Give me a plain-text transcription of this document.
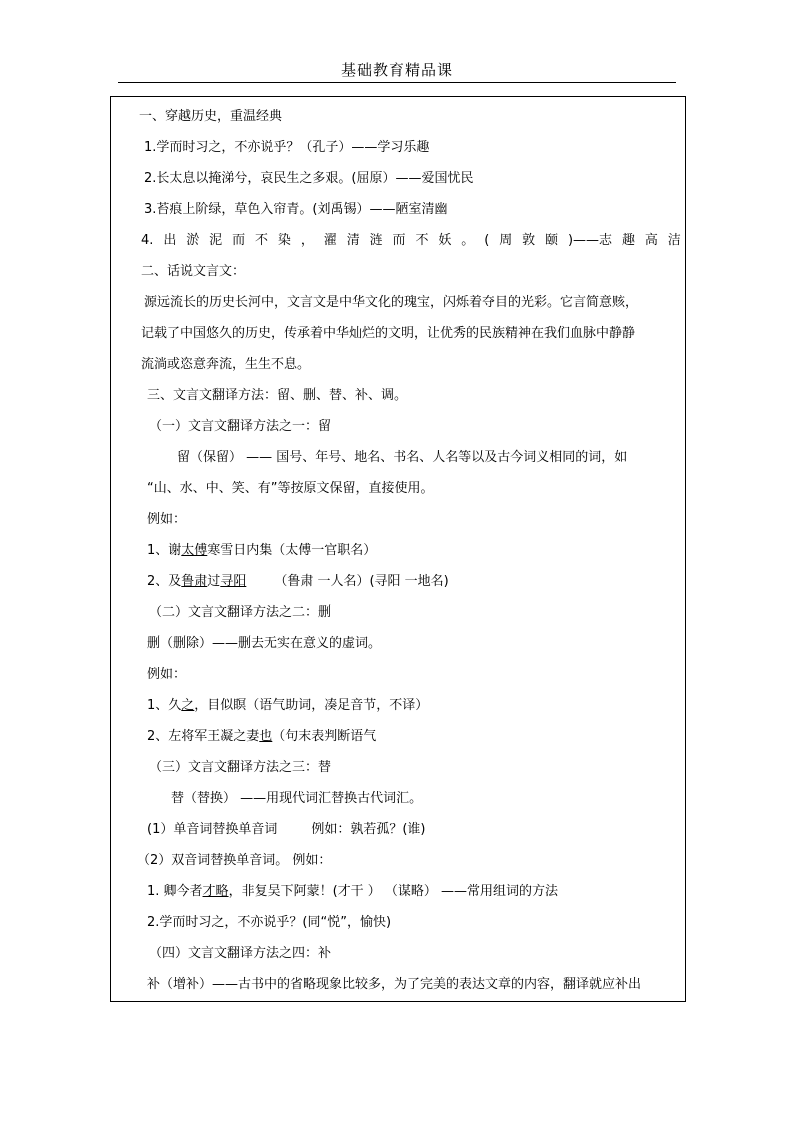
基础教育精品课
一、穿越历史，重温经典
1.学而时习之，不亦说乎？（孔子）——学习乐趣
2.长太息以掩涕兮，哀民生之多艰。(屈原）——爱国忧民
3.苔痕上阶绿，草色入帘青。(刘禹锡）——陋室清幽
4. 出 淤 泥 而 不 染 ， 濯 清 涟 而 不 妖 。 ( 周 敦 颐 )——志 趣 高 洁
二、话说文言文：
源远流长的历史长河中，文言文是中华文化的瑰宝，闪烁着夺目的光彩。它言简意赅，
记载了中国悠久的历史，传承着中华灿烂的文明，让优秀的民族精神在我们血脉中静静
流淌或恣意奔流，生生不息。
三、文言文翻译方法：留、删、替、补、调。
（一）文言文翻译方法之一：留
留（保留） —— 国号、年号、地名、书名、人名等以及古今词义相同的词，如
“山、水、中、笑、有”等按原文保留，直接使用。
例如：
1、谢太傅寒雪日内集（太傅一官职名）
2、及鲁肃过寻阳 （鲁肃 一人名）(寻阳 一地名)
（二）文言文翻译方法之二：删
删（删除）——删去无实在意义的虚词。
例如：
1、久之，目似瞑（语气助词，凑足音节，不译）
2、左将军王凝之妻也（句末表判断语气
（三）文言文翻译方法之三：替
替（替换） ——用现代词汇替换古代词汇。
(1）单音词替换单音词	例如：孰若孤？(谁)
（2）双音词替换单音词。 例如：
1. 卿今者才略，非复吴下阿蒙！(才干 ） （谋略） ——常用组词的方法
2.学而时习之，不亦说乎？(同“悦”，愉快)
（四）文言文翻译方法之四：补
补（增补）——古书中的省略现象比较多，为了完美的表达文章的内容，翻译就应补出
